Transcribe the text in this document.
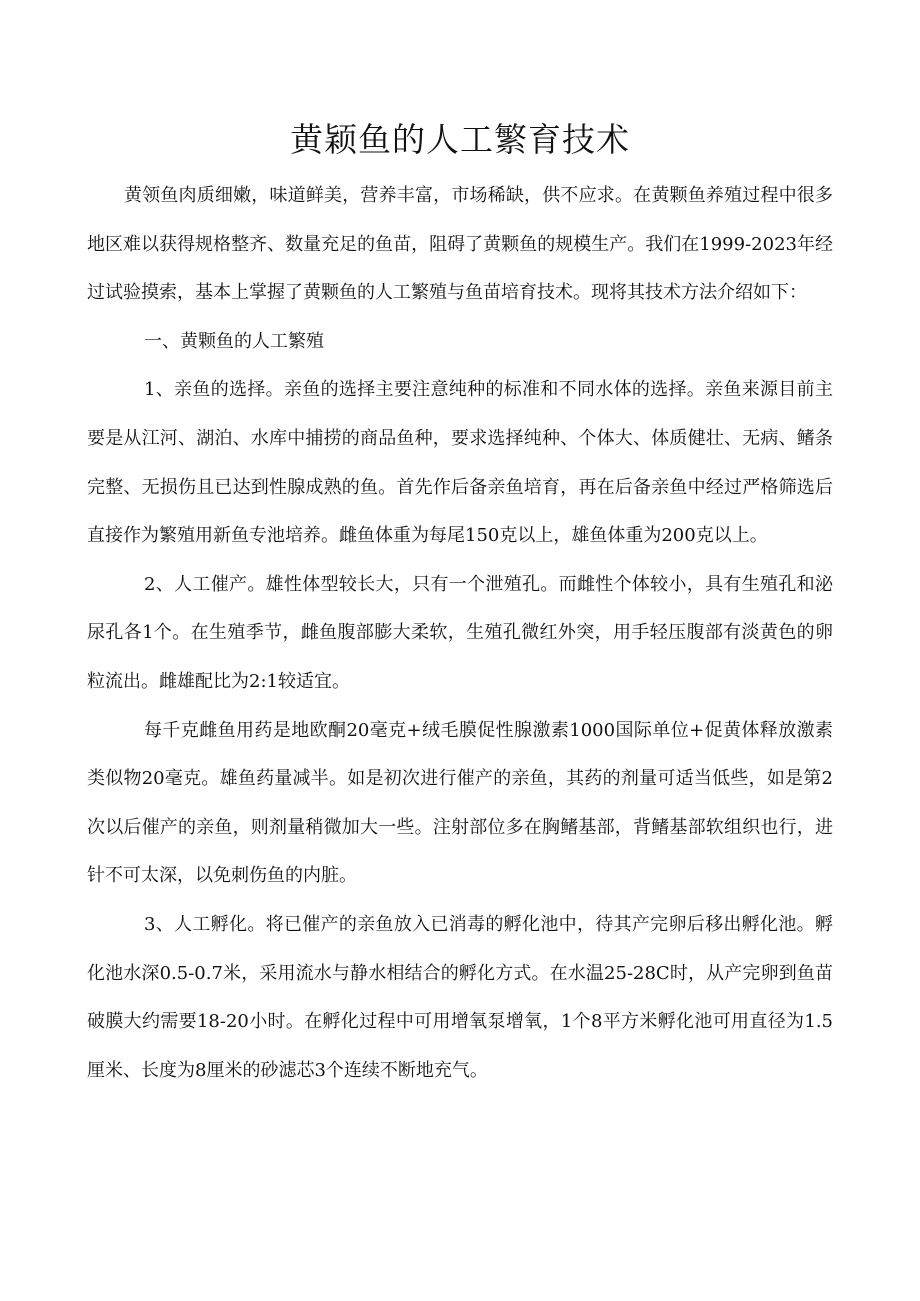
黄颖鱼的人工繁育技术

黄领鱼肉质细嫩，味道鲜美，营养丰富，市场稀缺，供不应求。在黄颗鱼养殖过程中很多地区难以获得规格整齐、数量充足的鱼苗，阻碍了黄颗鱼的规模生产。我们在1999-2023年经过试验摸索，基本上掌握了黄颗鱼的人工繁殖与鱼苗培育技术。现将其技术方法介绍如下：

一、黄颗鱼的人工繁殖

1、亲鱼的选择。亲鱼的选择主要注意纯种的标准和不同水体的选择。亲鱼来源目前主要是从江河、湖泊、水库中捕捞的商品鱼种，要求选择纯种、个体大、体质健壮、无病、鳍条完整、无损伤且已达到性腺成熟的鱼。首先作后备亲鱼培育，再在后备亲鱼中经过严格筛选后直接作为繁殖用新鱼专池培养。雌鱼体重为每尾150克以上，雄鱼体重为200克以上。

2、人工催产。雄性体型较长大，只有一个泄殖孔。而雌性个体较小，具有生殖孔和泌尿孔各1个。在生殖季节，雌鱼腹部膨大柔软，生殖孔微红外突，用手轻压腹部有淡黄色的卵粒流出。雌雄配比为2:1较适宜。

每千克雌鱼用药是地欧酮20毫克+绒毛膜促性腺激素1000国际单位+促黄体释放激素类似物20毫克。雄鱼药量减半。如是初次进行催产的亲鱼，其药的剂量可适当低些，如是第2次以后催产的亲鱼，则剂量稍微加大一些。注射部位多在胸鳍基部，背鳍基部软组织也行，进针不可太深，以免刺伤鱼的内脏。

3、人工孵化。将已催产的亲鱼放入已消毒的孵化池中，待其产完卵后移出孵化池。孵化池水深0.5-0.7米，采用流水与静水相结合的孵化方式。在水温25-28C时，从产完卵到鱼苗破膜大约需要18-20小时。在孵化过程中可用增氧泵增氧，1个8平方米孵化池可用直径为1.5厘米、长度为8厘米的砂滤芯3个连续不断地充气。
